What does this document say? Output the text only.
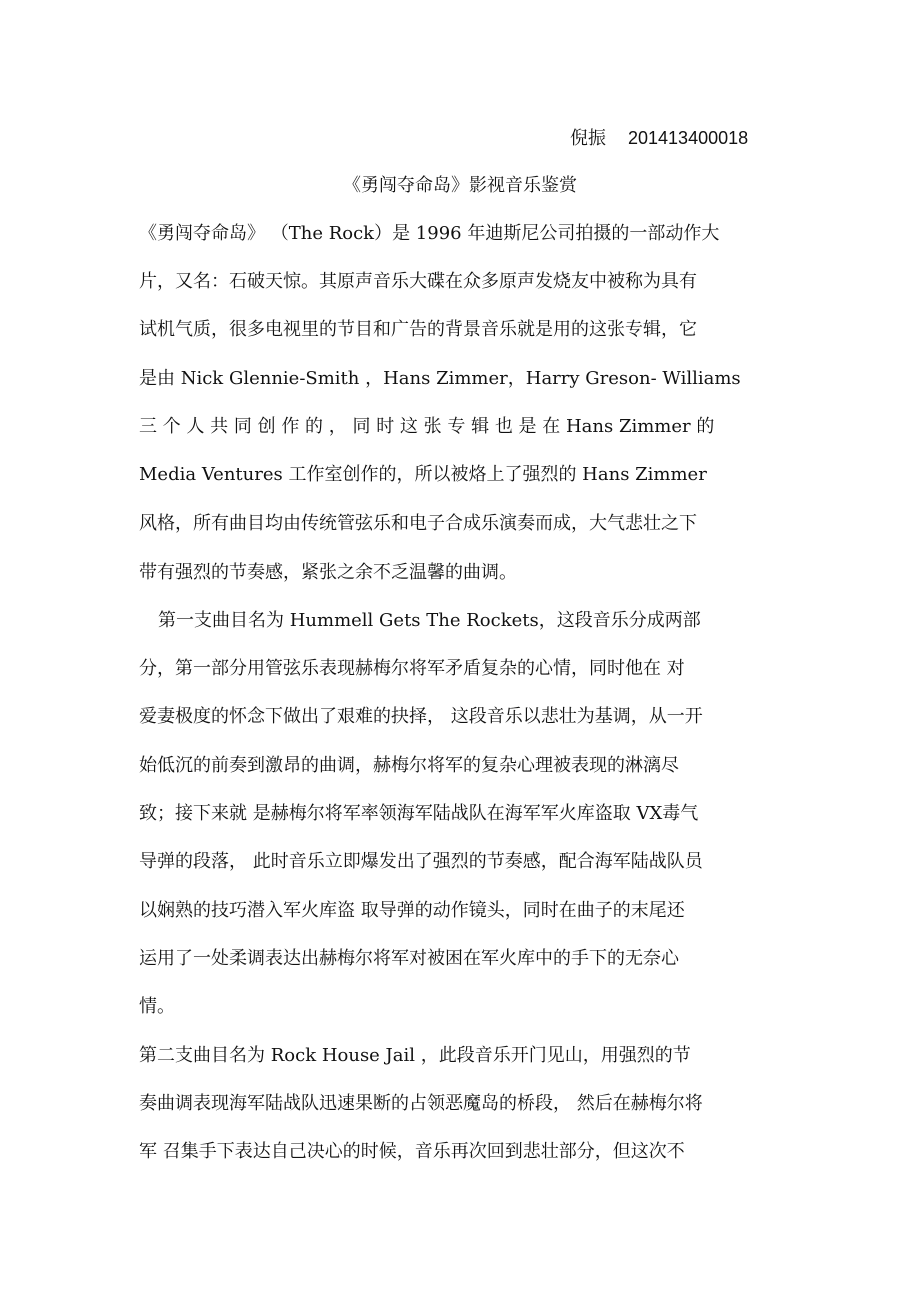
倪振 201413400018
《勇闯夺命岛》影视音乐鉴赏
《勇闯夺命岛》 （The Rock）是 1996 年迪斯尼公司拍摄的一部动作大
片，又名：石破天惊。其原声音乐大碟在众多原声发烧友中被称为具有
试机气质，很多电视里的节目和广告的背景音乐就是用的这张专辑，它
是由 Nick Glennie-Smith ，Hans Zimmer，Harry Greson- Williams
三 个 人 共 同 创 作 的 ， 同 时 这 张 专 辑 也 是 在 Hans Zimmer 的
Media Ventures 工作室创作的，所以被烙上了强烈的 Hans Zimmer
风格，所有曲目均由传统管弦乐和电子合成乐演奏而成，大气悲壮之下
带有强烈的节奏感，紧张之余不乏温馨的曲调。
第一支曲目名为 Hummell Gets The Rockets，这段音乐分成两部
分，第一部分用管弦乐表现赫梅尔将军矛盾复杂的心情，同时他在 对
爱妻极度的怀念下做出了艰难的抉择， 这段音乐以悲壮为基调，从一开
始低沉的前奏到激昂的曲调，赫梅尔将军的复杂心理被表现的淋漓尽
致；接下来就 是赫梅尔将军率领海军陆战队在海军军火库盗取 VX毒气
导弹的段落， 此时音乐立即爆发出了强烈的节奏感，配合海军陆战队员
以娴熟的技巧潜入军火库盗 取导弹的动作镜头，同时在曲子的末尾还
运用了一处柔调表达出赫梅尔将军对被困在军火库中的手下的无奈心
情。
第二支曲目名为 Rock House Jail ，此段音乐开门见山，用强烈的节
奏曲调表现海军陆战队迅速果断的占领恶魔岛的桥段， 然后在赫梅尔将
军 召集手下表达自己决心的时候，音乐再次回到悲壮部分，但这次不
